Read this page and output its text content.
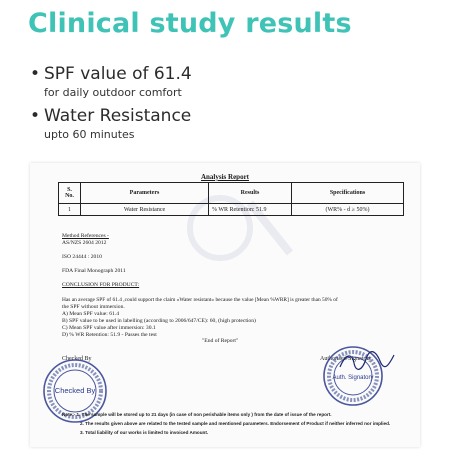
Clinical study results
• SPF value of 61.4
for daily outdoor comfort
• Water Resistance
upto 60 minutes
Analysis Report
S. No.	Parameters	Results	Specifications
1	Water Resistance	% WR Retention: 51.9	(WR% - d ≥ 50%)
Method References -
AS/NZS 2604 2012
ISO 24444 : 2010
FDA Final Monograph 2011
CONCLUSION FOR PRODUCT:
Has an average SPF of 61.4 ,could support the claim «Water resistant» because the value [Mean %WRR] is greater than 50% of
the SPF without immersion.
A) Mean SPF value: 61.4
B) SPF value to be used in labelling (according to 2006/647/CE): 60, (high protection)
C) Mean SPF value after immersion: 30.1
D) % WR Retention: 51.9 - Passes the test
"End of Report"
Checked By	Authorised Signatory
Checked By
Auth. Signatory
Note:- 1. The sample will be stored up to 21 days (in case of non perishable items only ) from the date of issue of the report.
2. The results given above are related to the tested sample and mentioned parameters. Endorsement of Product if neither inferred nor implied.
3. Total liability of our works is limited to invoiced Amount.
